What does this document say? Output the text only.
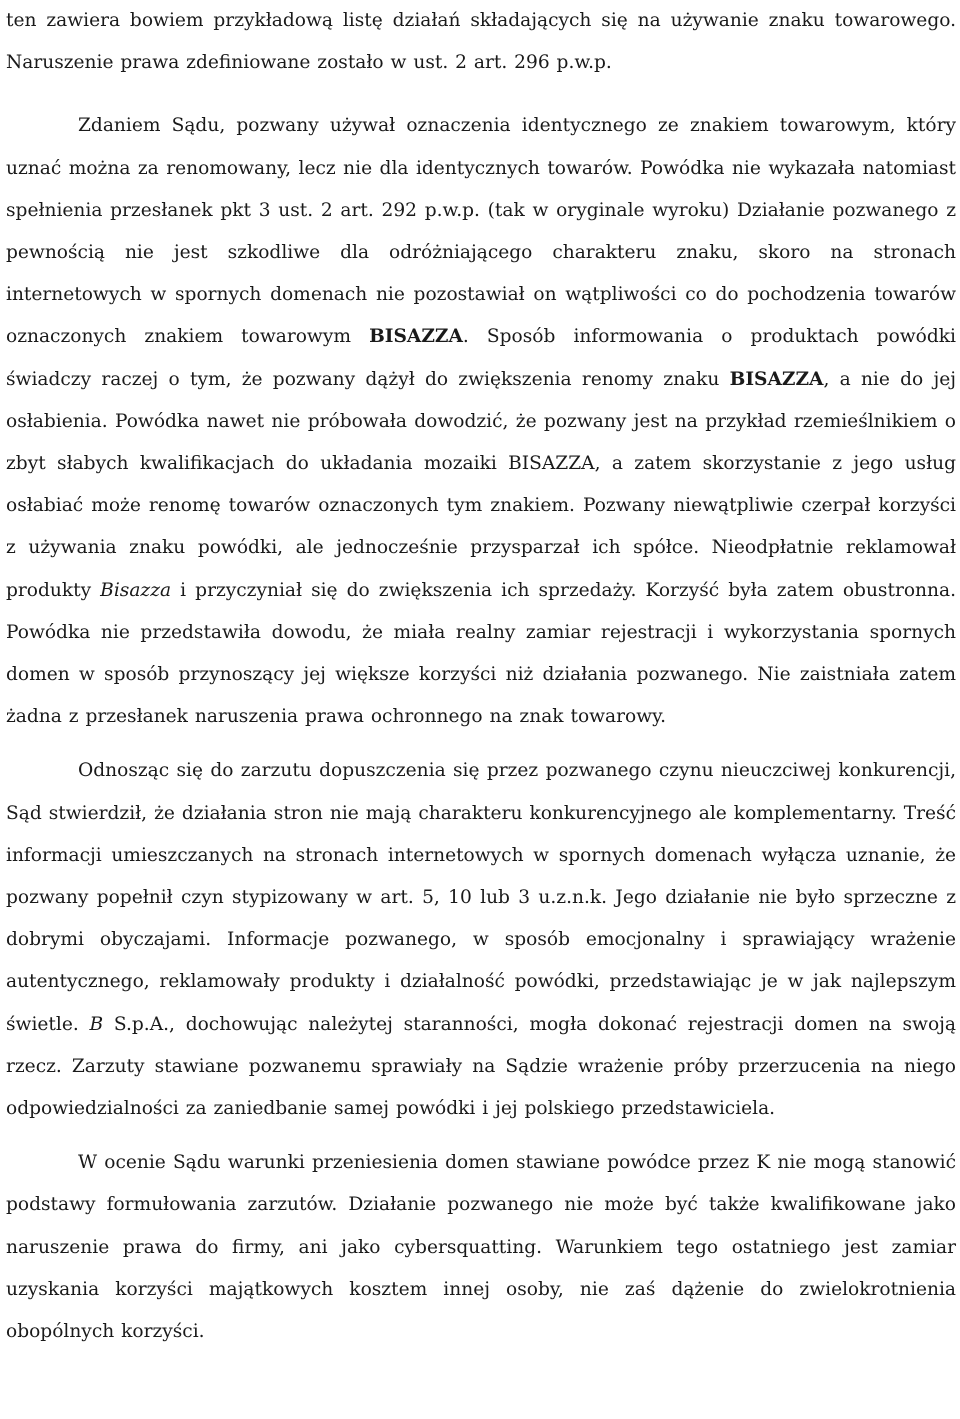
ten zawiera bowiem przykładową listę działań składających się na używanie znaku towarowego. Naruszenie prawa zdefiniowane zostało w ust. 2 art. 296 p.w.p.

Zdaniem Sądu, pozwany używał oznaczenia identycznego ze znakiem towarowym, który uznać można za renomowany, lecz nie dla identycznych towarów. Powódka nie wykazała natomiast spełnienia przesłanek pkt 3 ust. 2 art. 292 p.w.p. (tak w oryginale wyroku) Działanie pozwanego z pewnością nie jest szkodliwe dla odróżniającego charakteru znaku, skoro na stronach internetowych w spornych domenach nie pozostawiał on wątpliwości co do pochodzenia towarów oznaczonych znakiem towarowym BISAZZA. Sposób informowania o produktach powódki świadczy raczej o tym, że pozwany dążył do zwiększenia renomy znaku BISAZZA, a nie do jej osłabienia. Powódka nawet nie próbowała dowodzić, że pozwany jest na przykład rzemieślnikiem o zbyt słabych kwalifikacjach do układania mozaiki BISAZZA, a zatem skorzystanie z jego usług osłabiać może renomę towarów oznaczonych tym znakiem. Pozwany niewątpliwie czerpał korzyści z używania znaku powódki, ale jednocześnie przysparzał ich spółce. Nieodpłatnie reklamował produkty Bisazza i przyczyniał się do zwiększenia ich sprzedaży. Korzyść była zatem obustronna. Powódka nie przedstawiła dowodu, że miała realny zamiar rejestracji i wykorzystania spornych domen w sposób przynoszący jej większe korzyści niż działania pozwanego. Nie zaistniała zatem żadna z przesłanek naruszenia prawa ochronnego na znak towarowy.

Odnosząc się do zarzutu dopuszczenia się przez pozwanego czynu nieuczciwej konkurencji, Sąd stwierdził, że działania stron nie mają charakteru konkurencyjnego ale komplementarny. Treść informacji umieszczanych na stronach internetowych w spornych domenach wyłącza uznanie, że pozwany popełnił czyn stypizowany w art. 5, 10 lub 3 u.z.n.k. Jego działanie nie było sprzeczne z dobrymi obyczajami. Informacje pozwanego, w sposób emocjonalny i sprawiający wrażenie autentycznego, reklamowały produkty i działalność powódki, przedstawiając je w jak najlepszym świetle. B S.p.A., dochowując należytej staranności, mogła dokonać rejestracji domen na swoją rzecz. Zarzuty stawiane pozwanemu sprawiały na Sądzie wrażenie próby przerzucenia na niego odpowiedzialności za zaniedbanie samej powódki i jej polskiego przedstawiciela.

W ocenie Sądu warunki przeniesienia domen stawiane powódce przez K nie mogą stanowić podstawy formułowania zarzutów. Działanie pozwanego nie może być także kwalifikowane jako naruszenie prawa do firmy, ani jako cybersquatting. Warunkiem tego ostatniego jest zamiar uzyskania korzyści majątkowych kosztem innej osoby, nie zaś dążenie do zwielokrotnienia obopólnych korzyści.
